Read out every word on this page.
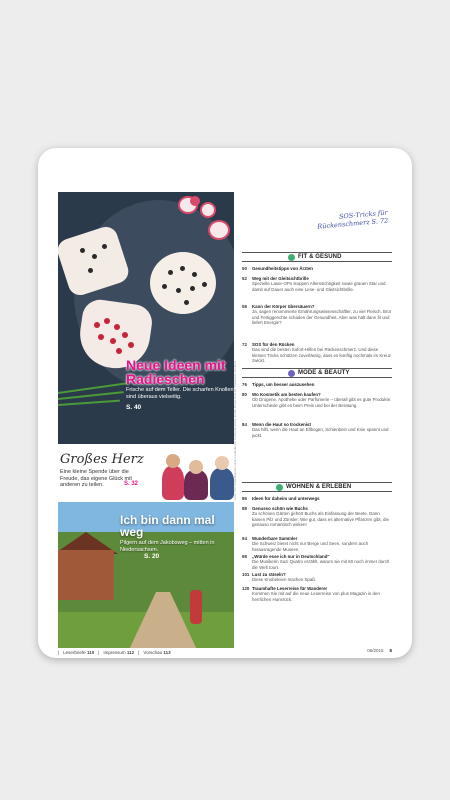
Neue Ideen mit Radieschen
Frische auf dem Teller. Die scharfen Knollen sind überaus vielseitig.
S. 40
Großes Herz
Eine kleine Spende über die Freude, das eigene Glück mit anderen zu teilen.	S. 32
Ich bin dann mal weg
Pilgern auf dem Jakobsweg – mitten in Niedersachsen.
S. 20
| Leserbriefe 110 | Impressum 112 | Vorschau 113
Fotos: Titel: fotolia/Ungewiss; Inhalt: Foodcollection, Dorling Kindersley, Fotolia, Picture Press (2), Plainpicture, Stockfood
SOS-Tricks für Rückenschmerz S. 72
FIT & GESUND
50 Gesundheitstipps von Ärzten
52 Weg mit der Gleitsichtbrille
Spezielle Laser-OPs stoppen Alterssichtigkeit sowie grauen Star und damit auf Dauer auch eine Lese- und Gleitsichtbrille.
58 Kann der Körper übersäuern?
Ja, sagen renommierte Ernährungswissenschaftler, zu viel Fleisch, Brot und Fertiggerichte schaden der Gesundheit. Aber was hält dann fit und liefert Energie?
72 SOS für den Rücken
Das sind die besten Sofort-Hilfen bei Rückenschmerz. Und diese kleinen Tricks schützen zuverlässig, dass es künftig nochmals im Kreuz zwickt.
MODE & BEAUTY
76 Tipps, um besser auszusehen
80 Wo Kosmetik am besten kaufen?
Ob Drogerie, Apotheke oder Parfümerie – überall gibt es gute Produkte. Unterschiede gibt es beim Preis und bei der Beratung.
84 Wenn die Haut so trockenist
Das hilft, wenn die Haut an Ellbogen, Schienbein und Knie spannt und juckt.
WOHNEN & ERLEBEN
86 Ideen für daheim und unterwegs
88 Genusso schön wie Buchs
Zu schönen Gärten gehört Buchs als Einfassung der Beete. Dann kamen Pilz und Zünsler. Wie gut, dass es alternative Pflanzen gibt, die genauso romantisch wirken!
94 Wunderbare Sammler
Die Schweiz bietet nicht nur Berge und Seen, sondern auch herausragende Museen.
98 „Würde esse ich nur in Deutschland“
Die Musikerin Suzi Quatro erzählt, warum sie mit 60 noch immer durch die Welt tourt.
101 Lust zu rätseln?
Diese Knobeleien machen Spaß.
120 Traumhafte Leserreise für Wanderer
Kommen Sie mit auf die neue Leserreise von plus Magazin in den herrlichen Hunsrück.
06/2015 5
